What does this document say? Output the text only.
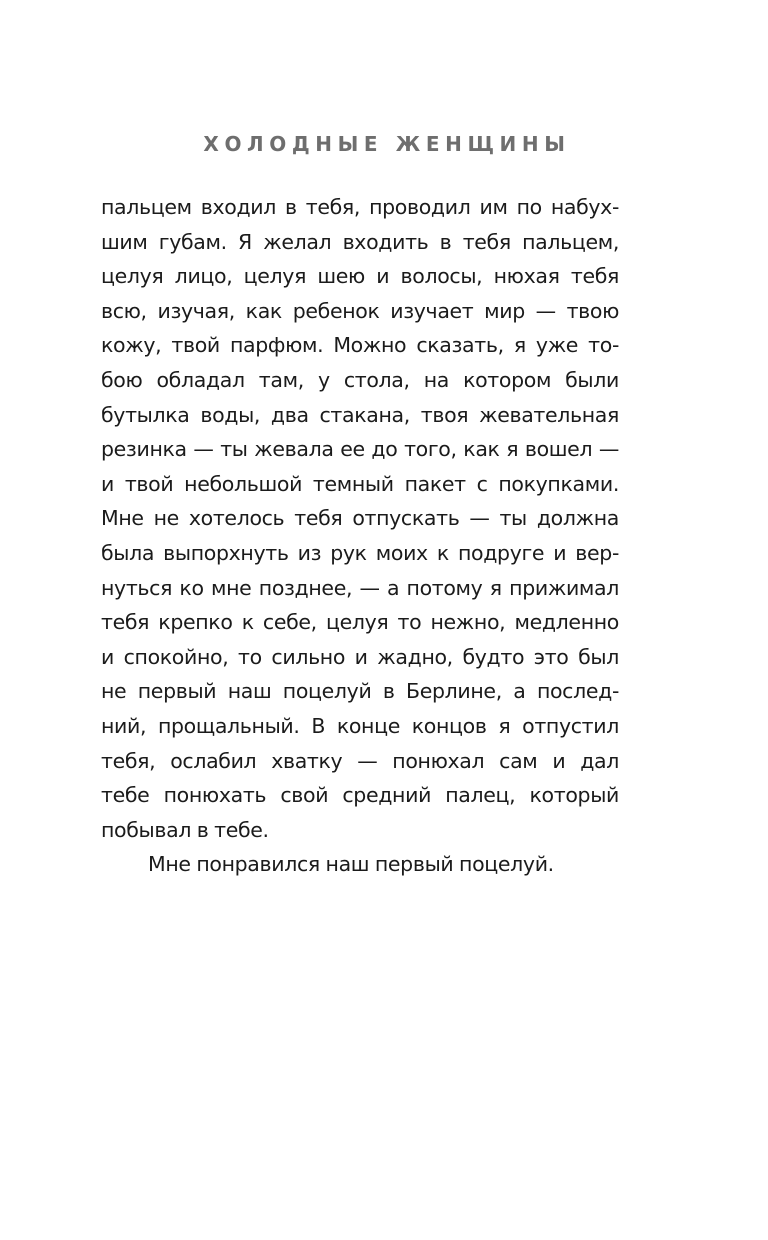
ХОЛОДНЫЕ ЖЕНЩИНЫ
пальцем входил в тебя, проводил им по набух-
шим губам. Я желал входить в тебя пальцем,
целуя лицо, целуя шею и волосы, нюхая тебя
всю, изучая, как ребенок изучает мир — твою
кожу, твой парфюм. Можно сказать, я уже то-
бою обладал там, у стола, на котором были
бутылка воды, два стакана, твоя жевательная
резинка — ты жевала ее до того, как я вошел —
и твой небольшой темный пакет с покупками.
Мне не хотелось тебя отпускать — ты должна
была выпорхнуть из рук моих к подруге и вер-
нуться ко мне позднее, — а потому я прижимал
тебя крепко к себе, целуя то нежно, медленно
и спокойно, то сильно и жадно, будто это был
не первый наш поцелуй в Берлине, а послед-
ний, прощальный. В конце концов я отпустил
тебя, ослабил хватку — понюхал сам и дал
тебе понюхать свой средний палец, который
побывал в тебе.
Мне понравился наш первый поцелуй.
